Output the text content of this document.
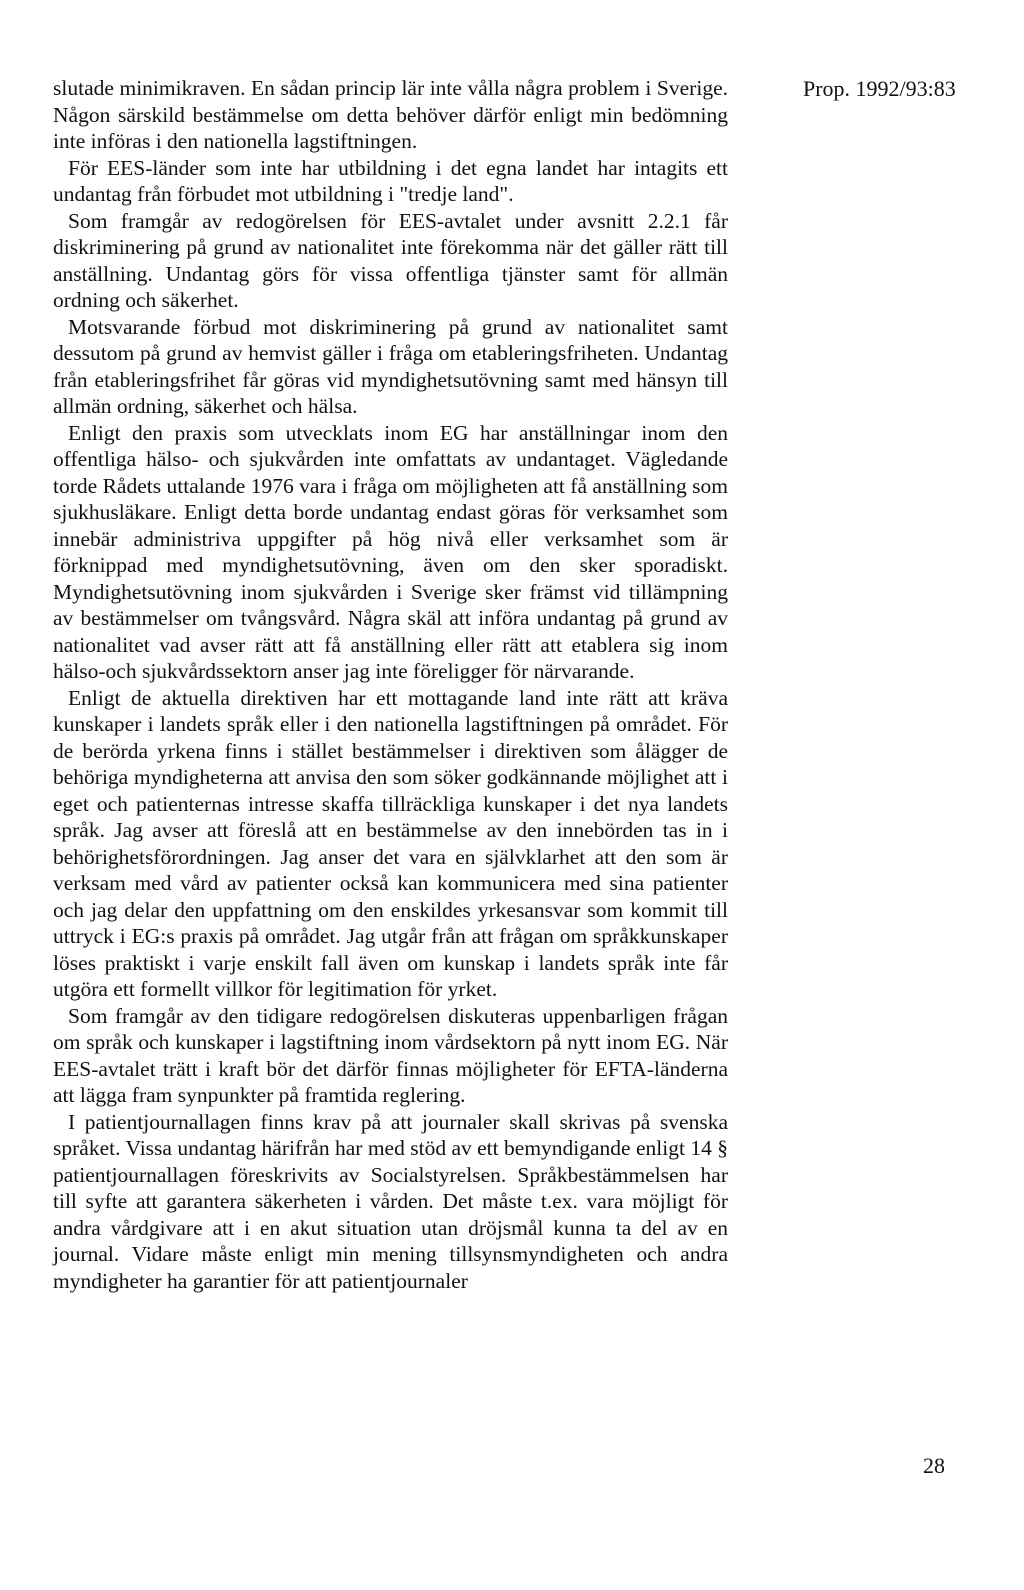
Prop. 1992/93:83

slutade minimikraven. En sådan princip lär inte vålla några problem i Sverige. Någon särskild bestämmelse om detta behöver därför enligt min bedömning inte införas i den nationella lagstiftningen.

För EES-länder som inte har utbildning i det egna landet har intagits ett undantag från förbudet mot utbildning i "tredje land".

Som framgår av redogörelsen för EES-avtalet under avsnitt 2.2.1 får diskriminering på grund av nationalitet inte förekomma när det gäller rätt till anställning. Undantag görs för vissa offentliga tjänster samt för allmän ordning och säkerhet.

Motsvarande förbud mot diskriminering på grund av nationalitet samt dessutom på grund av hemvist gäller i fråga om etableringsfriheten. Undantag från etableringsfrihet får göras vid myndighetsutövning samt med hänsyn till allmän ordning, säkerhet och hälsa.

Enligt den praxis som utvecklats inom EG har anställningar inom den offentliga hälso- och sjukvården inte omfattats av undantaget. Vägledande torde Rådets uttalande 1976 vara i fråga om möjligheten att få anställning som sjukhusläkare. Enligt detta borde undantag endast göras för verksamhet som innebär administriva uppgifter på hög nivå eller verksamhet som är förknippad med myndighetsutövning, även om den sker sporadiskt. Myndighetsutövning inom sjukvården i Sverige sker främst vid tillämpning av bestämmelser om tvångsvård. Några skäl att införa undantag på grund av nationalitet vad avser rätt att få anställning eller rätt att etablera sig inom hälso-och sjukvårdssektorn anser jag inte föreligger för närvarande.

Enligt de aktuella direktiven har ett mottagande land inte rätt att kräva kunskaper i landets språk eller i den nationella lagstiftningen på området. För de berörda yrkena finns i stället bestämmelser i direktiven som ålägger de behöriga myndigheterna att anvisa den som söker godkännande möjlighet att i eget och patienternas intresse skaffa tillräckliga kunskaper i det nya landets språk. Jag avser att föreslå att en bestämmelse av den innebörden tas in i behörighetsförordningen. Jag anser det vara en självklarhet att den som är verksam med vård av patienter också kan kommunicera med sina patienter och jag delar den uppfattning om den enskildes yrkesansvar som kommit till uttryck i EG:s praxis på området. Jag utgår från att frågan om språkkunskaper löses praktiskt i varje enskilt fall även om kunskap i landets språk inte får utgöra ett formellt villkor för legitimation för yrket.

Som framgår av den tidigare redogörelsen diskuteras uppenbarligen frågan om språk och kunskaper i lagstiftning inom vårdsektorn på nytt inom EG. När EES-avtalet trätt i kraft bör det därför finnas möjligheter för EFTA-länderna att lägga fram synpunkter på framtida reglering.

I patientjournallagen finns krav på att journaler skall skrivas på svenska språket. Vissa undantag härifrån har med stöd av ett bemyndigande enligt 14 § patientjournallagen föreskrivits av Socialstyrelsen. Språkbestämmelsen har till syfte att garantera säkerheten i vården. Det måste t.ex. vara möjligt för andra vårdgivare att i en akut situation utan dröjsmål kunna ta del av en journal. Vidare måste enligt min mening tillsynsmyndigheten och andra myndigheter ha garantier för att patientjournaler

28
